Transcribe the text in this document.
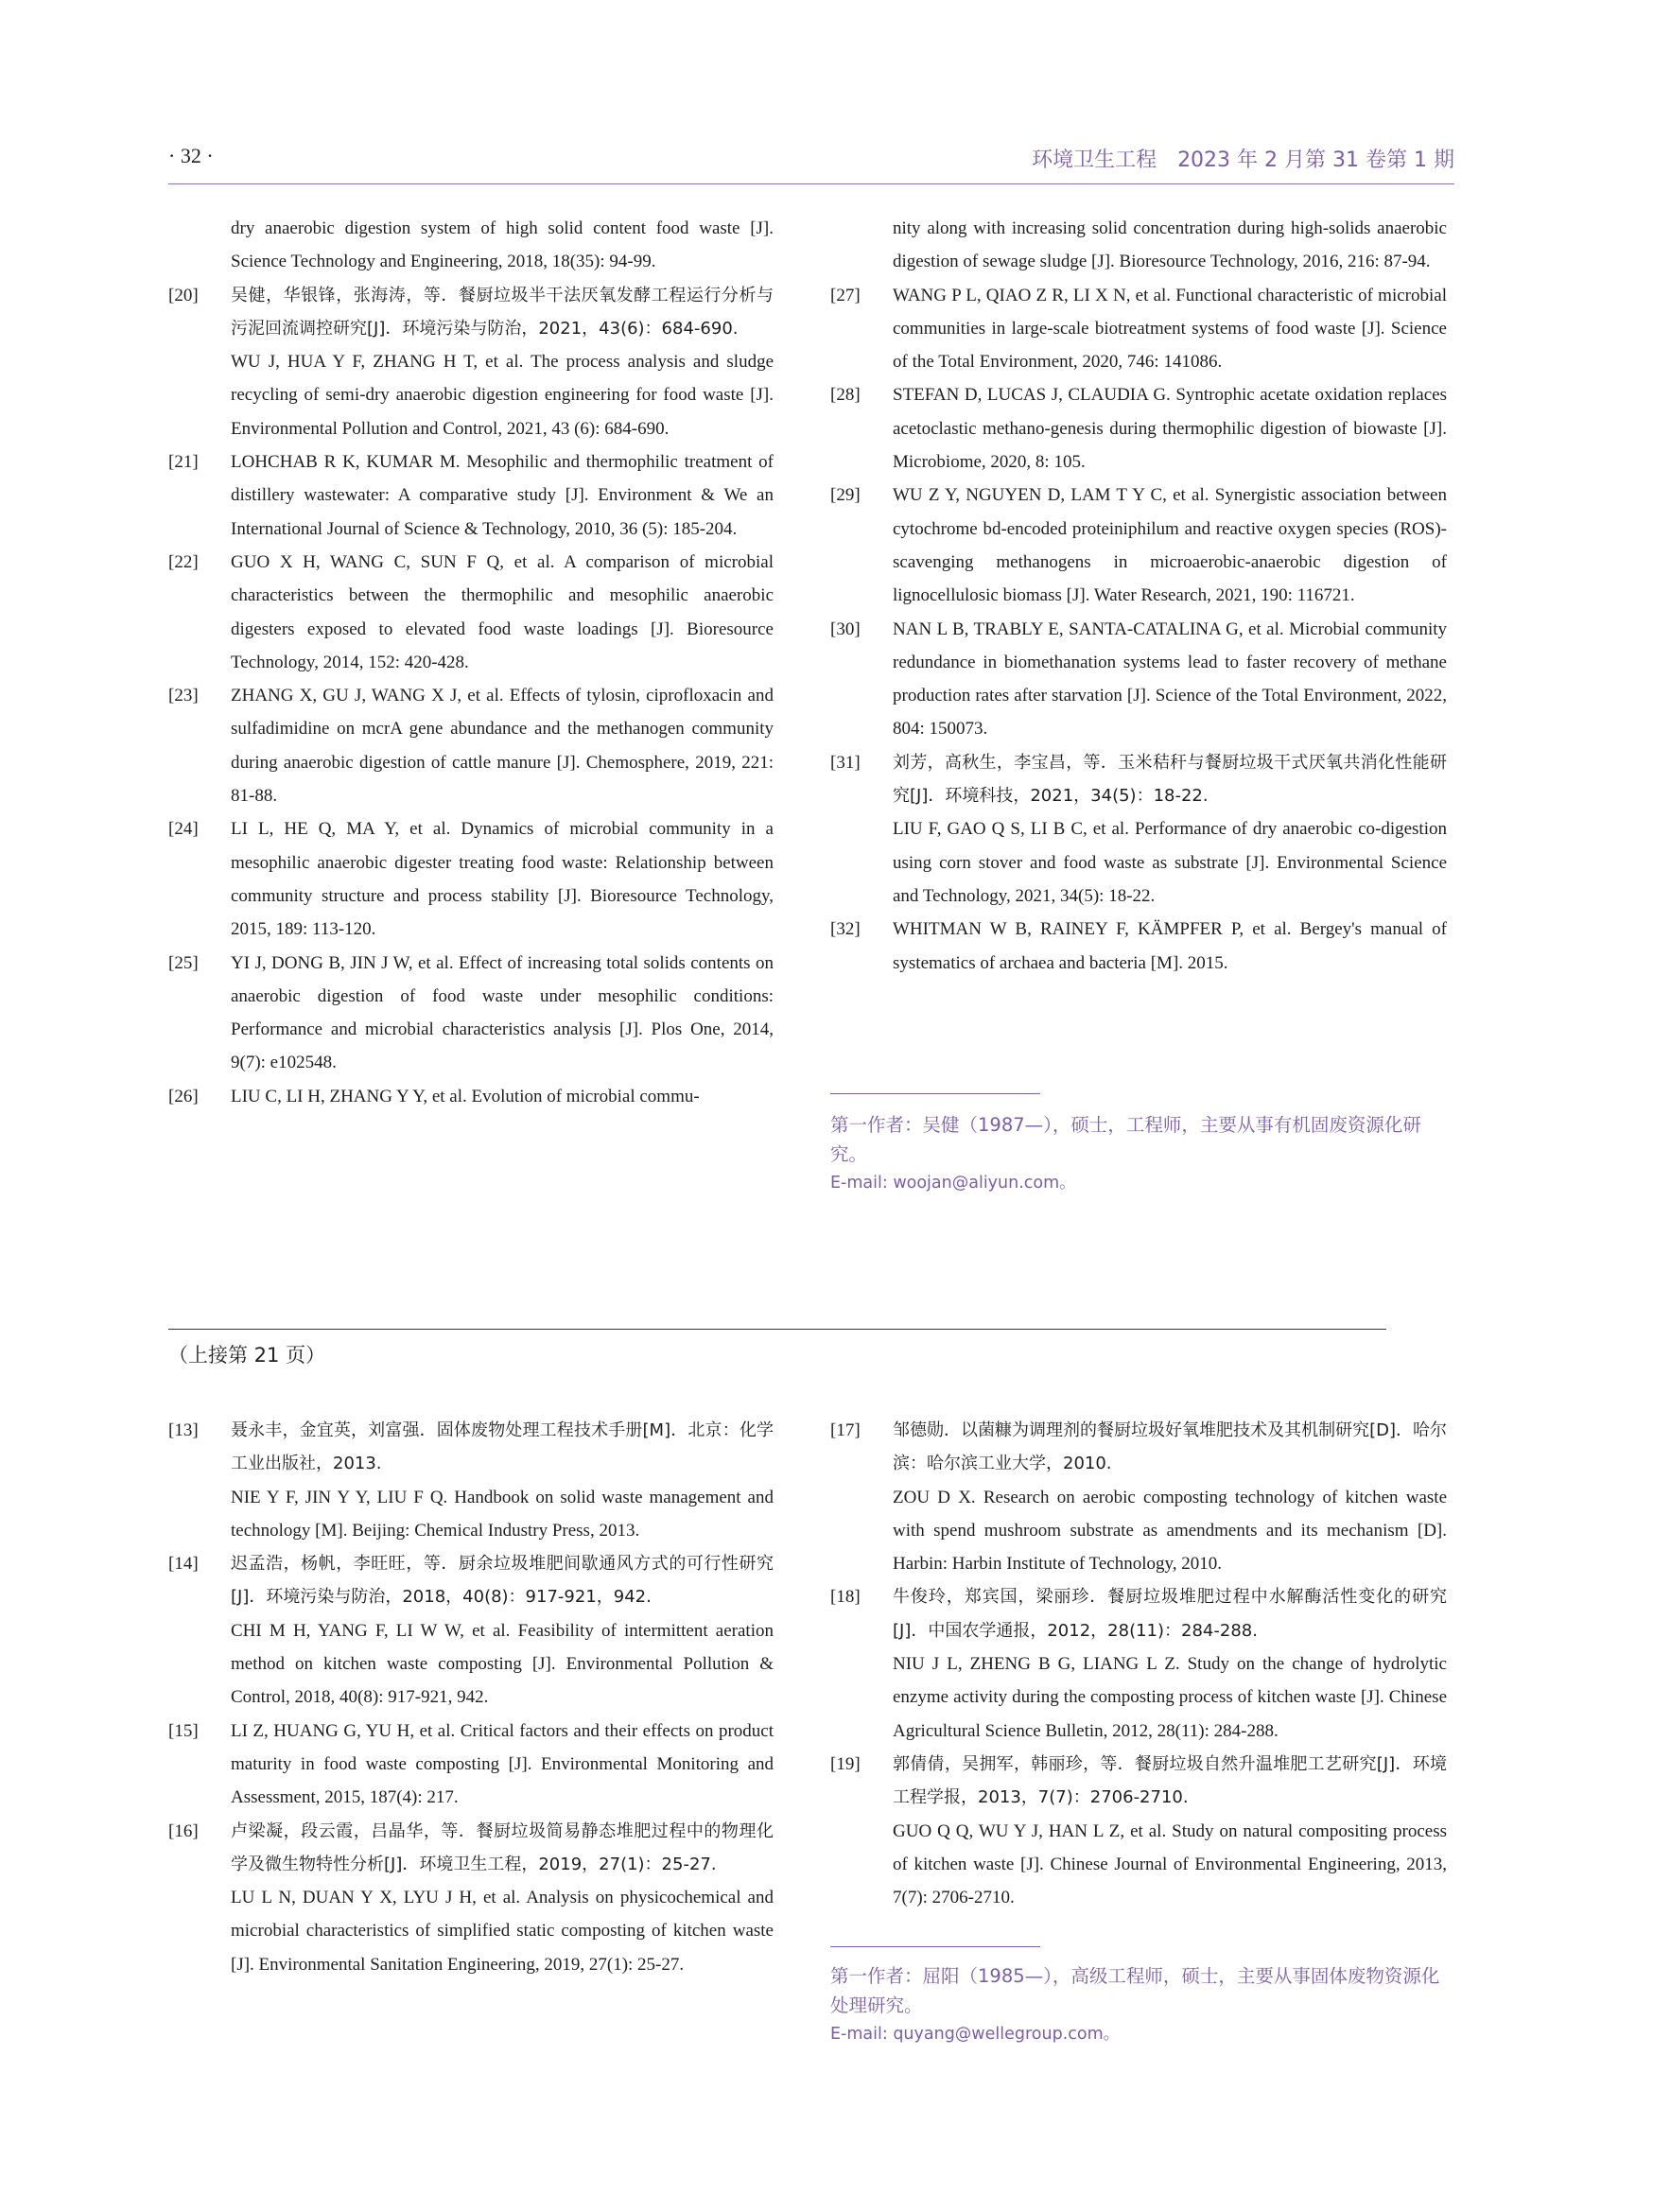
· 32 ·	环境卫生工程　2023 年 2 月第 31 卷第 1 期

dry anaerobic digestion system of high solid content food waste [J]. Science Technology and Engineering, 2018, 18(35): 94-99.

[20]	吴健，华银锋，张海涛，等．餐厨垃圾半干法厌氧发酵工程运行分析与污泥回流调控研究[J]．环境污染与防治，2021，43(6)：684-690.

WU J, HUA Y F, ZHANG H T, et al. The process analysis and sludge recycling of semi-dry anaerobic digestion engineering for food waste [J]. Environmental Pollution and Control, 2021, 43 (6): 684-690.

[21]	LOHCHAB R K, KUMAR M. Mesophilic and thermophilic treatment of distillery wastewater: A comparative study [J]. Environment & We an International Journal of Science & Technology, 2010, 36 (5): 185-204.

[22]	GUO X H, WANG C, SUN F Q, et al. A comparison of microbial characteristics between the thermophilic and mesophilic anaerobic digesters exposed to elevated food waste loadings [J]. Bioresource Technology, 2014, 152: 420-428.

[23]	ZHANG X, GU J, WANG X J, et al. Effects of tylosin, ciprofloxacin and sulfadimidine on mcrA gene abundance and the methanogen community during anaerobic digestion of cattle manure [J]. Chemosphere, 2019, 221: 81-88.

[24]	LI L, HE Q, MA Y, et al. Dynamics of microbial community in a mesophilic anaerobic digester treating food waste: Relationship between community structure and process stability [J]. Bioresource Technology, 2015, 189: 113-120.

[25]	YI J, DONG B, JIN J W, et al. Effect of increasing total solids contents on anaerobic digestion of food waste under mesophilic conditions: Performance and microbial characteristics analysis [J]. Plos One, 2014, 9(7): e102548.

[26]	LIU C, LI H, ZHANG Y Y, et al. Evolution of microbial commu-

nity along with increasing solid concentration during high-solids anaerobic digestion of sewage sludge [J]. Bioresource Technology, 2016, 216: 87-94.

[27]	WANG P L, QIAO Z R, LI X N, et al. Functional characteristic of microbial communities in large-scale biotreatment systems of food waste [J]. Science of the Total Environment, 2020, 746: 141086.

[28]	STEFAN D, LUCAS J, CLAUDIA G. Syntrophic acetate oxidation replaces acetoclastic methano-genesis during thermophilic digestion of biowaste [J]. Microbiome, 2020, 8: 105.

[29]	WU Z Y, NGUYEN D, LAM T Y C, et al. Synergistic association between cytochrome bd-encoded proteiniphilum and reactive oxygen species (ROS)-scavenging methanogens in microaerobic-anaerobic digestion of lignocellulosic biomass [J]. Water Research, 2021, 190: 116721.

[30]	NAN L B, TRABLY E, SANTA-CATALINA G, et al. Microbial community redundance in biomethanation systems lead to faster recovery of methane production rates after starvation [J]. Science of the Total Environment, 2022, 804: 150073.

[31]	刘芳，高秋生，李宝昌，等．玉米秸秆与餐厨垃圾干式厌氧共消化性能研究[J]．环境科技，2021，34(5)：18-22.

LIU F, GAO Q S, LI B C, et al. Performance of dry anaerobic co-digestion using corn stover and food waste as substrate [J]. Environmental Science and Technology, 2021, 34(5): 18-22.

[32]	WHITMAN W B, RAINEY F, KÄMPFER P, et al. Bergey's manual of systematics of archaea and bacteria [M]. 2015.

第一作者：吴健（1987—），硕士，工程师，主要从事有机固废资源化研究。

E-mail: woojan@aliyun.com。

（上接第 21 页）
[13]	聂永丰，金宜英，刘富强．固体废物处理工程技术手册[M]．北京：化学工业出版社，2013.

NIE Y F, JIN Y Y, LIU F Q. Handbook on solid waste management and technology [M]. Beijing: Chemical Industry Press, 2013.

[14]	迟孟浩，杨帆，李旺旺，等．厨余垃圾堆肥间歇通风方式的可行性研究[J]．环境污染与防治，2018，40(8)：917-921，942.

CHI M H, YANG F, LI W W, et al. Feasibility of intermittent aeration method on kitchen waste composting [J]. Environmental Pollution & Control, 2018, 40(8): 917-921, 942.

[15]	LI Z, HUANG G, YU H, et al. Critical factors and their effects on product maturity in food waste composting [J]. Environmental Monitoring and Assessment, 2015, 187(4): 217.

[16]	卢梁凝，段云霞，吕晶华，等．餐厨垃圾简易静态堆肥过程中的物理化学及微生物特性分析[J]．环境卫生工程，2019，27(1)：25-27.

LU L N, DUAN Y X, LYU J H, et al. Analysis on physicochemical and microbial characteristics of simplified static composting of kitchen waste [J]. Environmental Sanitation Engineering, 2019, 27(1): 25-27.

[17]	邹德勋．以菌糠为调理剂的餐厨垃圾好氧堆肥技术及其机制研究[D]．哈尔滨：哈尔滨工业大学，2010.

ZOU D X. Research on aerobic composting technology of kitchen waste with spend mushroom substrate as amendments and its mechanism [D]. Harbin: Harbin Institute of Technology, 2010.

[18]	牛俊玲，郑宾国，梁丽珍．餐厨垃圾堆肥过程中水解酶活性变化的研究[J]．中国农学通报，2012，28(11)：284-288.

NIU J L, ZHENG B G, LIANG L Z. Study on the change of hydrolytic enzyme activity during the composting process of kitchen waste [J]. Chinese Agricultural Science Bulletin, 2012, 28(11): 284-288.

[19]	郭倩倩，吴拥军，韩丽珍，等．餐厨垃圾自然升温堆肥工艺研究[J]．环境工程学报，2013，7(7)：2706-2710.

GUO Q Q, WU Y J, HAN L Z, et al. Study on natural compositing process of kitchen waste [J]. Chinese Journal of Environmental Engineering, 2013, 7(7): 2706-2710.

第一作者：屈阳（1985—），高级工程师，硕士，主要从事固体废物资源化处理研究。

E-mail: quyang@wellegroup.com。
